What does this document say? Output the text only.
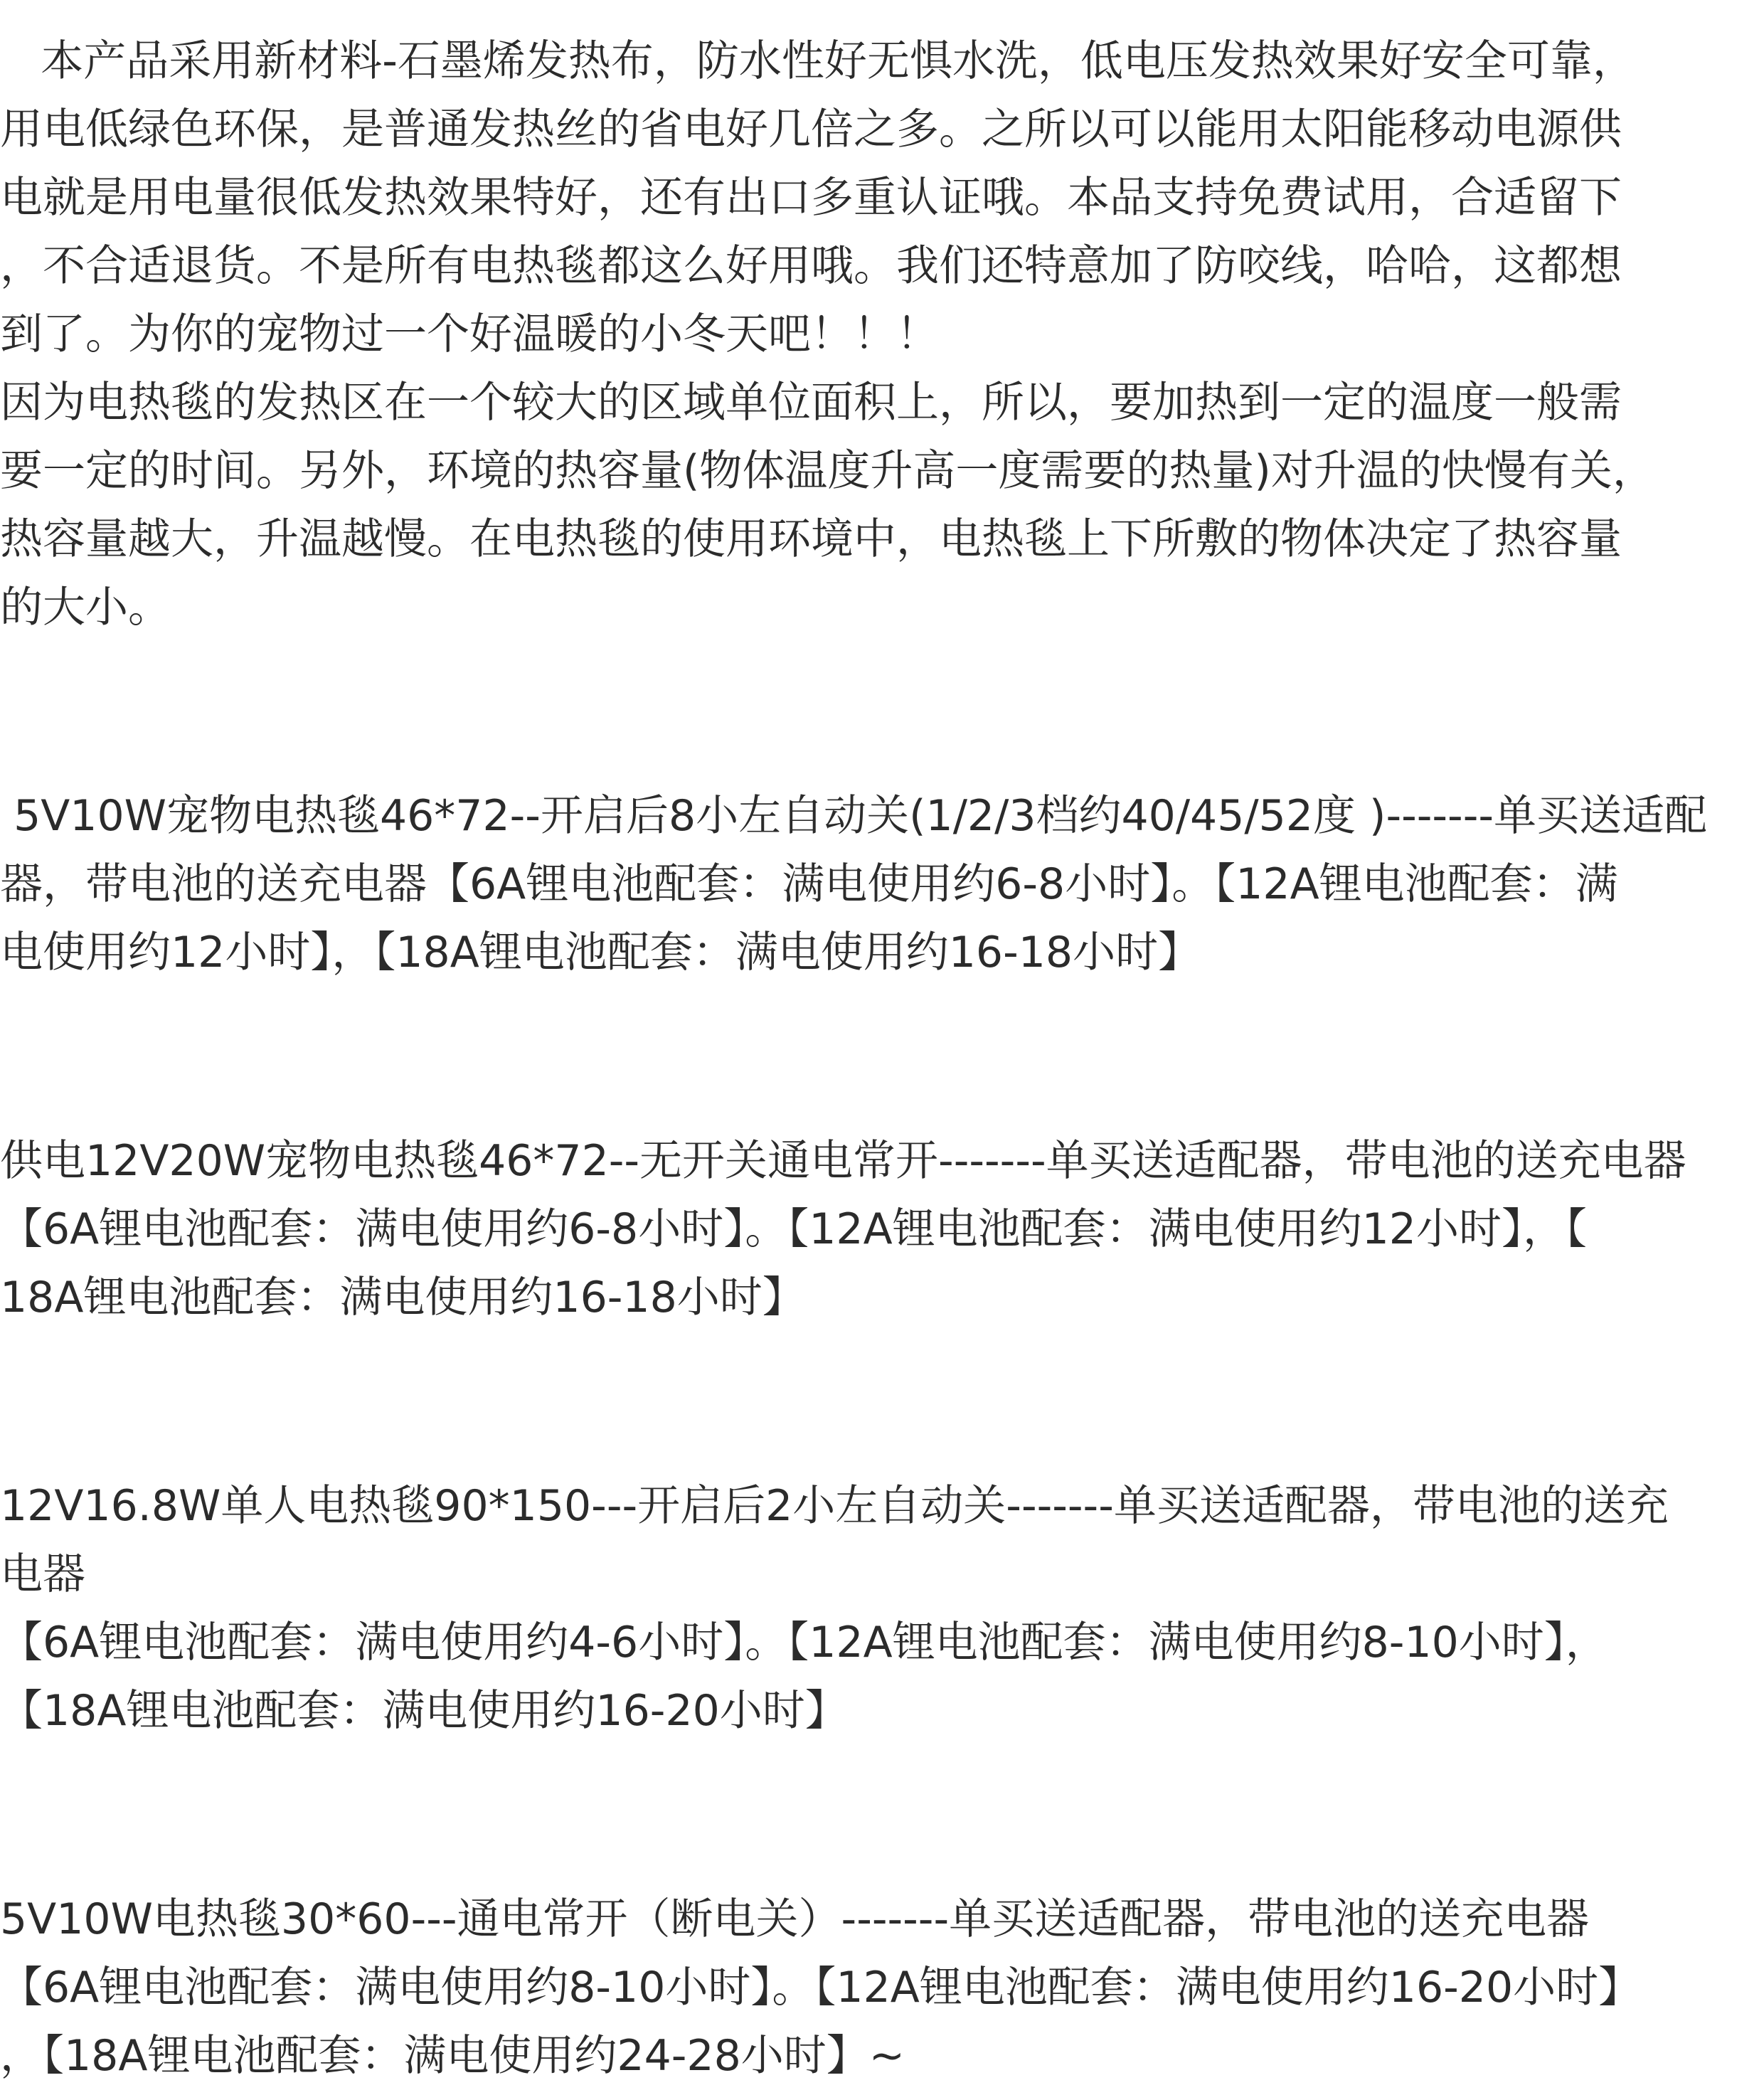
本产品采用新材料-石墨烯发热布，防水性好无惧水洗，低电压发热效果好安全可靠，
用电低绿色环保，是普通发热丝的省电好几倍之多。之所以可以能用太阳能移动电源供
电就是用电量很低发热效果特好，还有出口多重认证哦。本品支持免费试用，合适留下
，不合适退货。不是所有电热毯都这么好用哦。我们还特意加了防咬线，哈哈，这都想
到了。为你的宠物过一个好温暖的小冬天吧！！！
因为电热毯的发热区在一个较大的区域单位面积上，所以，要加热到一定的温度一般需
要一定的时间。另外，环境的热容量(物体温度升高一度需要的热量)对升温的快慢有关，
热容量越大，升温越慢。在电热毯的使用环境中，电热毯上下所敷的物体决定了热容量
的大小。
5V10W宠物电热毯46*72--开启后8小左自动关(1/2/3档约40/45/52度 )-------单买送适配
器，带电池的送充电器【6A锂电池配套：满电使用约6-8小时】。【12A锂电池配套：满
电使用约12小时】，【18A锂电池配套：满电使用约16-18小时】
供电12V20W宠物电热毯46*72--无开关通电常开-------单买送适配器，带电池的送充电器
【6A锂电池配套：满电使用约6-8小时】。【12A锂电池配套：满电使用约12小时】，【
18A锂电池配套：满电使用约16-18小时】
12V16.8W单人电热毯90*150---开启后2小左自动关-------单买送适配器，带电池的送充
电器
【6A锂电池配套：满电使用约4-6小时】。【12A锂电池配套：满电使用约8-10小时】，
【18A锂电池配套：满电使用约16-20小时】
5V10W电热毯30*60---通电常开（断电关）-------单买送适配器，带电池的送充电器
【6A锂电池配套：满电使用约8-10小时】。【12A锂电池配套：满电使用约16-20小时】
，【18A锂电池配套：满电使用约24-28小时】~
